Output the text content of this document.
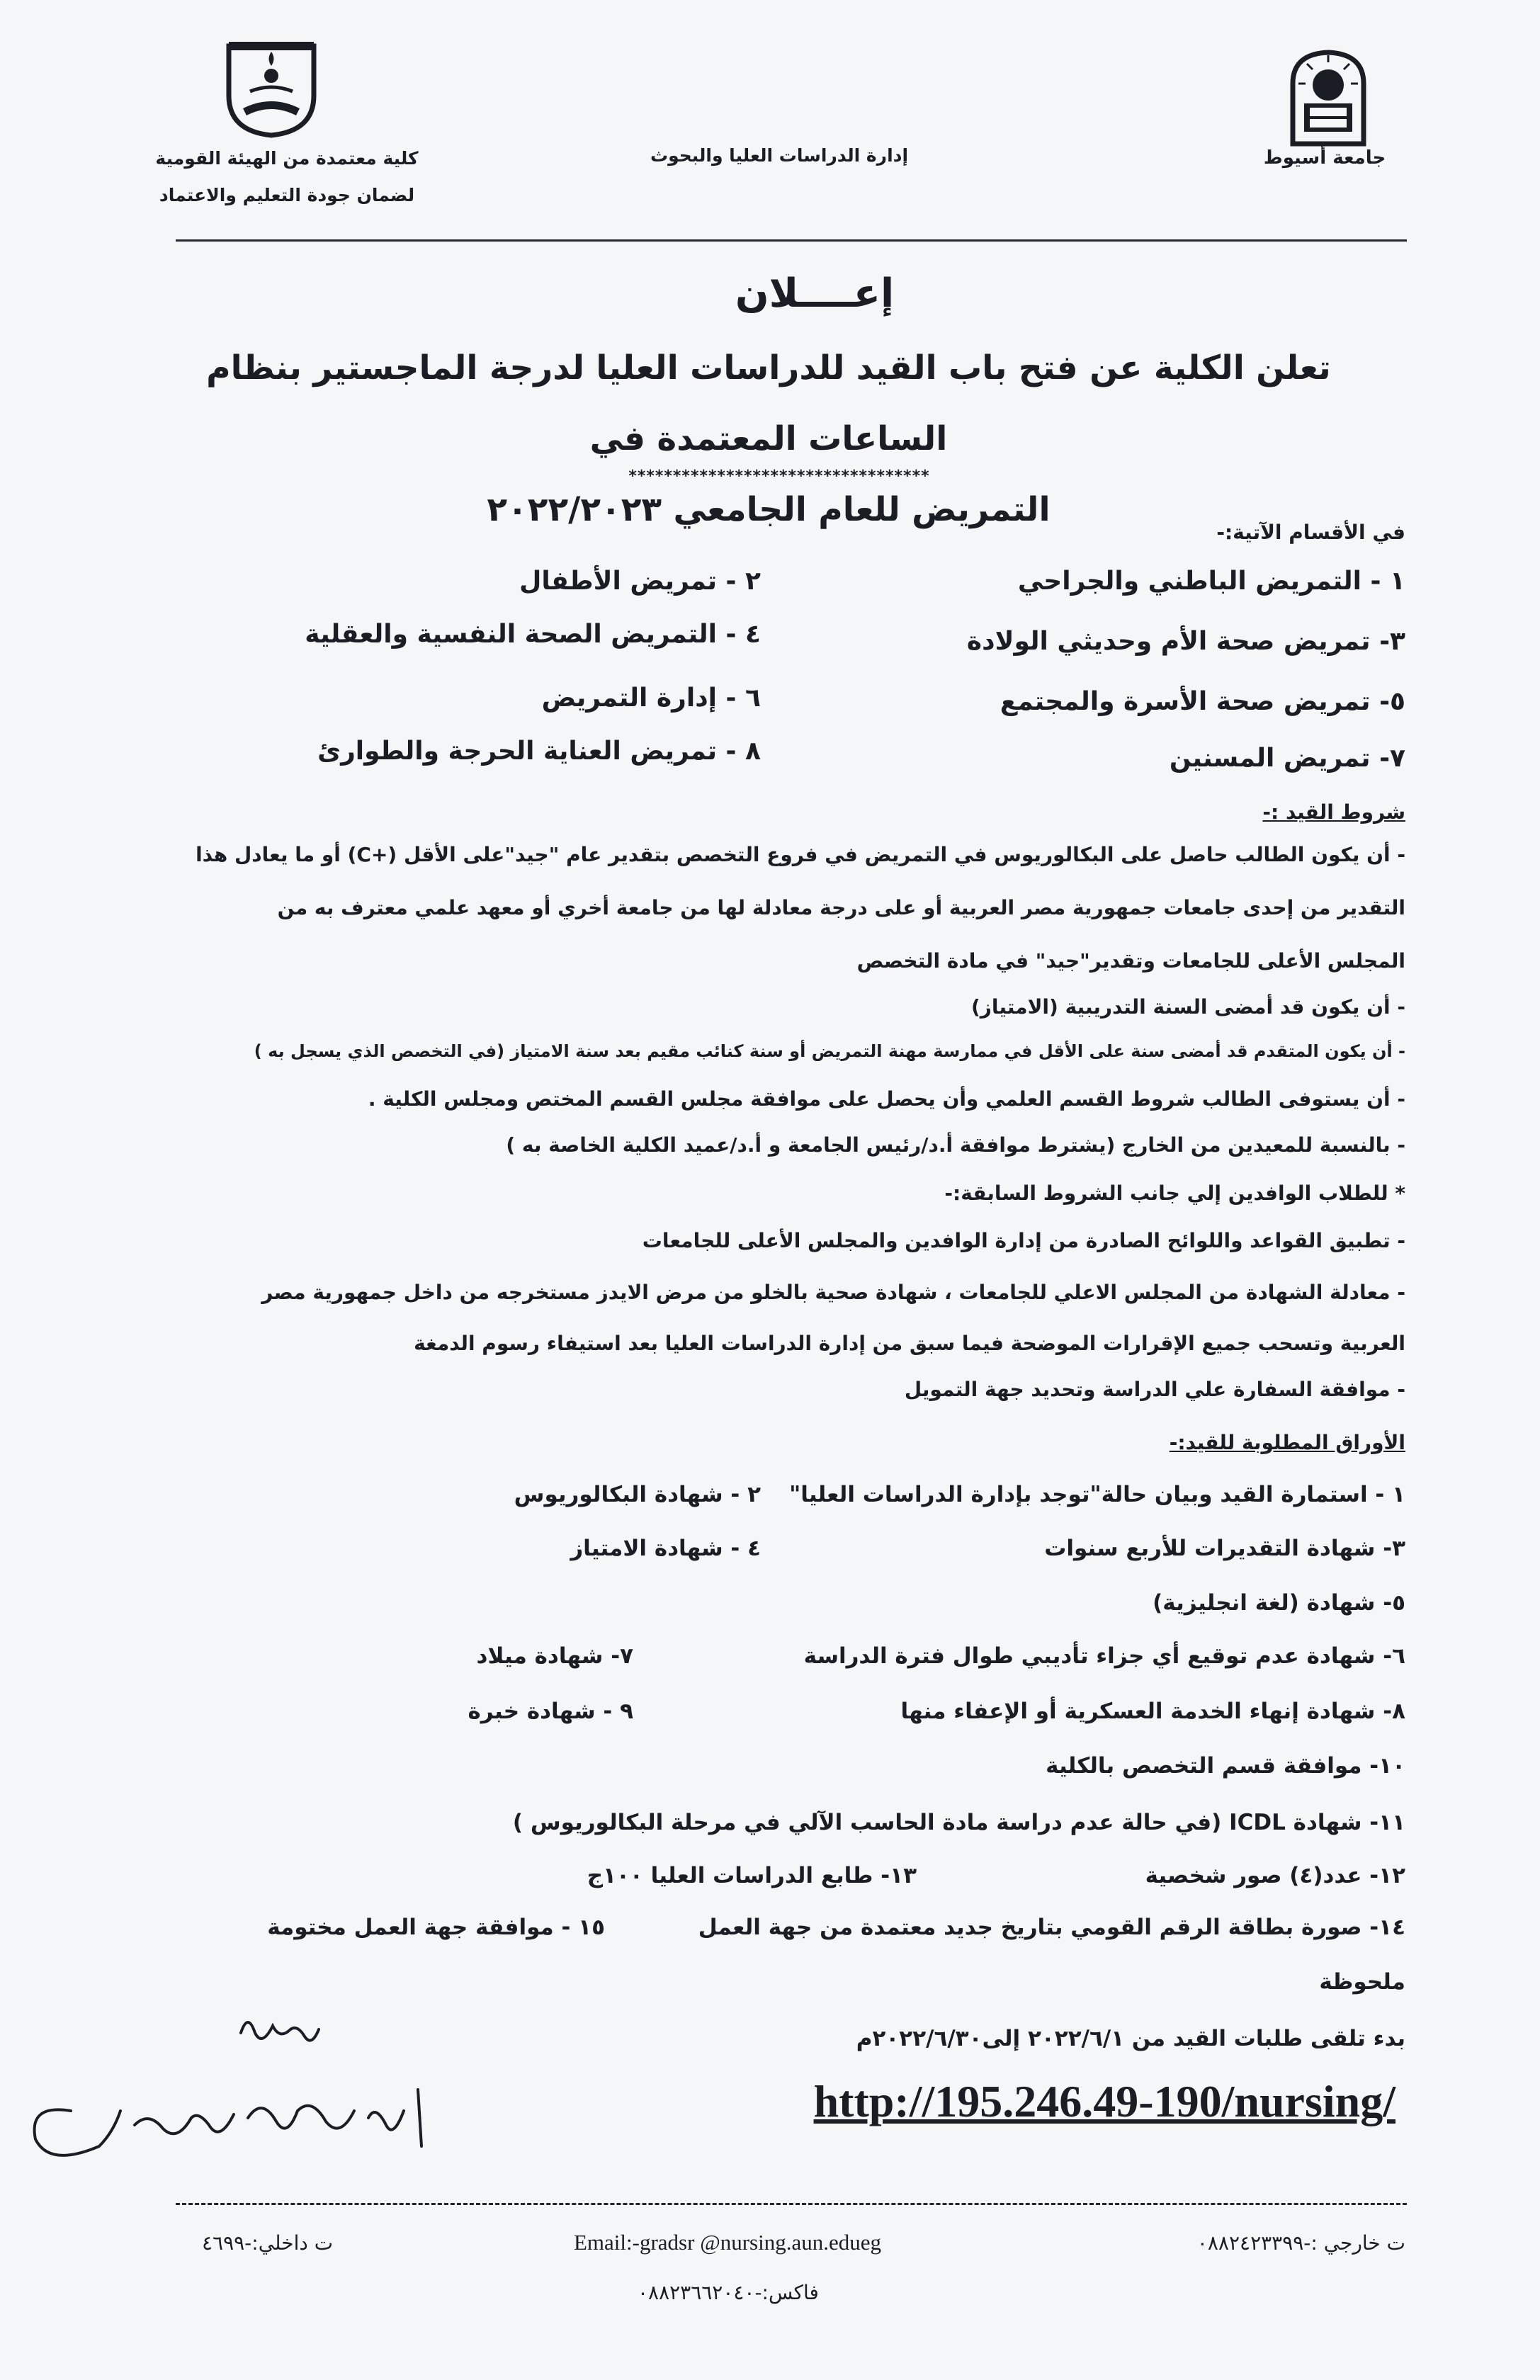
جامعة أسيوط
إدارة الدراسات العليا والبحوث
كلية معتمدة من الهيئة القومية
لضمان جودة التعليم والاعتماد
إعــــلان
تعلن الكلية عن فتح باب القيد للدراسات العليا لدرجة الماجستير بنظام الساعات المعتمدة في
التمريض للعام الجامعي ٢٠٢٢/٢٠٢٣
**********************************
في الأقسام الآتية:-
١ - التمريض الباطني والجراحي
٢ - تمريض الأطفال
٣- تمريض صحة الأم وحديثي الولادة
٤ - التمريض الصحة النفسية والعقلية
٥- تمريض صحة الأسرة والمجتمع
٦ - إدارة التمريض
٧- تمريض المسنين
٨ - تمريض العناية الحرجة والطوارئ
شروط القيد :-
- أن يكون الطالب حاصل على البكالوريوس في التمريض في فروع التخصص بتقدير عام "جيد"على الأقل (+C) أو ما يعادل هذا
التقدير من إحدى جامعات جمهورية مصر العربية أو على درجة معادلة لها من جامعة أخري أو معهد علمي معترف به من
المجلس الأعلى للجامعات وتقدير"جيد" في مادة التخصص
- أن يكون قد أمضى السنة التدريبية (الامتياز)
- أن يكون المتقدم قد أمضى سنة على الأقل في ممارسة مهنة التمريض أو سنة كنائب مقيم بعد سنة الامتياز (في التخصص الذي يسجل به )
- أن يستوفى الطالب شروط القسم العلمي وأن يحصل على موافقة مجلس القسم المختص ومجلس الكلية .
- بالنسبة للمعيدين من الخارج (يشترط موافقة أ.د/رئيس الجامعة و أ.د/عميد الكلية الخاصة به )
* للطلاب الوافدين إلي جانب الشروط السابقة:-
- تطبيق القواعد واللوائح الصادرة من إدارة الوافدين والمجلس الأعلى للجامعات
- معادلة الشهادة من المجلس الاعلي للجامعات ، شهادة صحية بالخلو من مرض الايدز مستخرجه من داخل جمهورية مصر
العربية وتسحب جميع الإقرارات الموضحة فيما سبق من إدارة الدراسات العليا بعد استيفاء رسوم الدمغة
- موافقة السفارة علي الدراسة وتحديد جهة التمويل
الأوراق المطلوبة للقيد:-
١ - استمارة القيد وبيان حالة"توجد بإدارة الدراسات العليا"
٢ - شهادة البكالوريوس
٣- شهادة التقديرات للأربع سنوات
٤ - شهادة الامتياز
٥- شهادة (لغة انجليزية)
٦- شهادة عدم توقيع أي جزاء تأديبي طوال فترة الدراسة
٧- شهادة ميلاد
٨- شهادة إنهاء الخدمة العسكرية أو الإعفاء منها
٩ - شهادة خبرة
١٠- موافقة قسم التخصص بالكلية
١١- شهادة ICDL (في حالة عدم دراسة مادة الحاسب الآلي في مرحلة البكالوريوس )
١٢- عدد(٤) صور شخصية
١٣- طابع الدراسات العليا ١٠٠ج
١٤- صورة بطاقة الرقم القومي بتاريخ جديد معتمدة من جهة العمل
١٥ - موافقة جهة العمل مختومة
ملحوظة
بدء تلقى طلبات القيد من ٢٠٢٢/٦/١ إلى٢٠٢٢/٦/٣٠م
http://195.246.49-190/nursing/
ت خارجي :-٠٨٨٢٤٢٣٣٩٩
Email:-gradsr @nursing.aun.edueg
ت داخلي:-٤٦٩٩
فاكس:-٠٨٨٢٣٦٦٢٠٤٠
